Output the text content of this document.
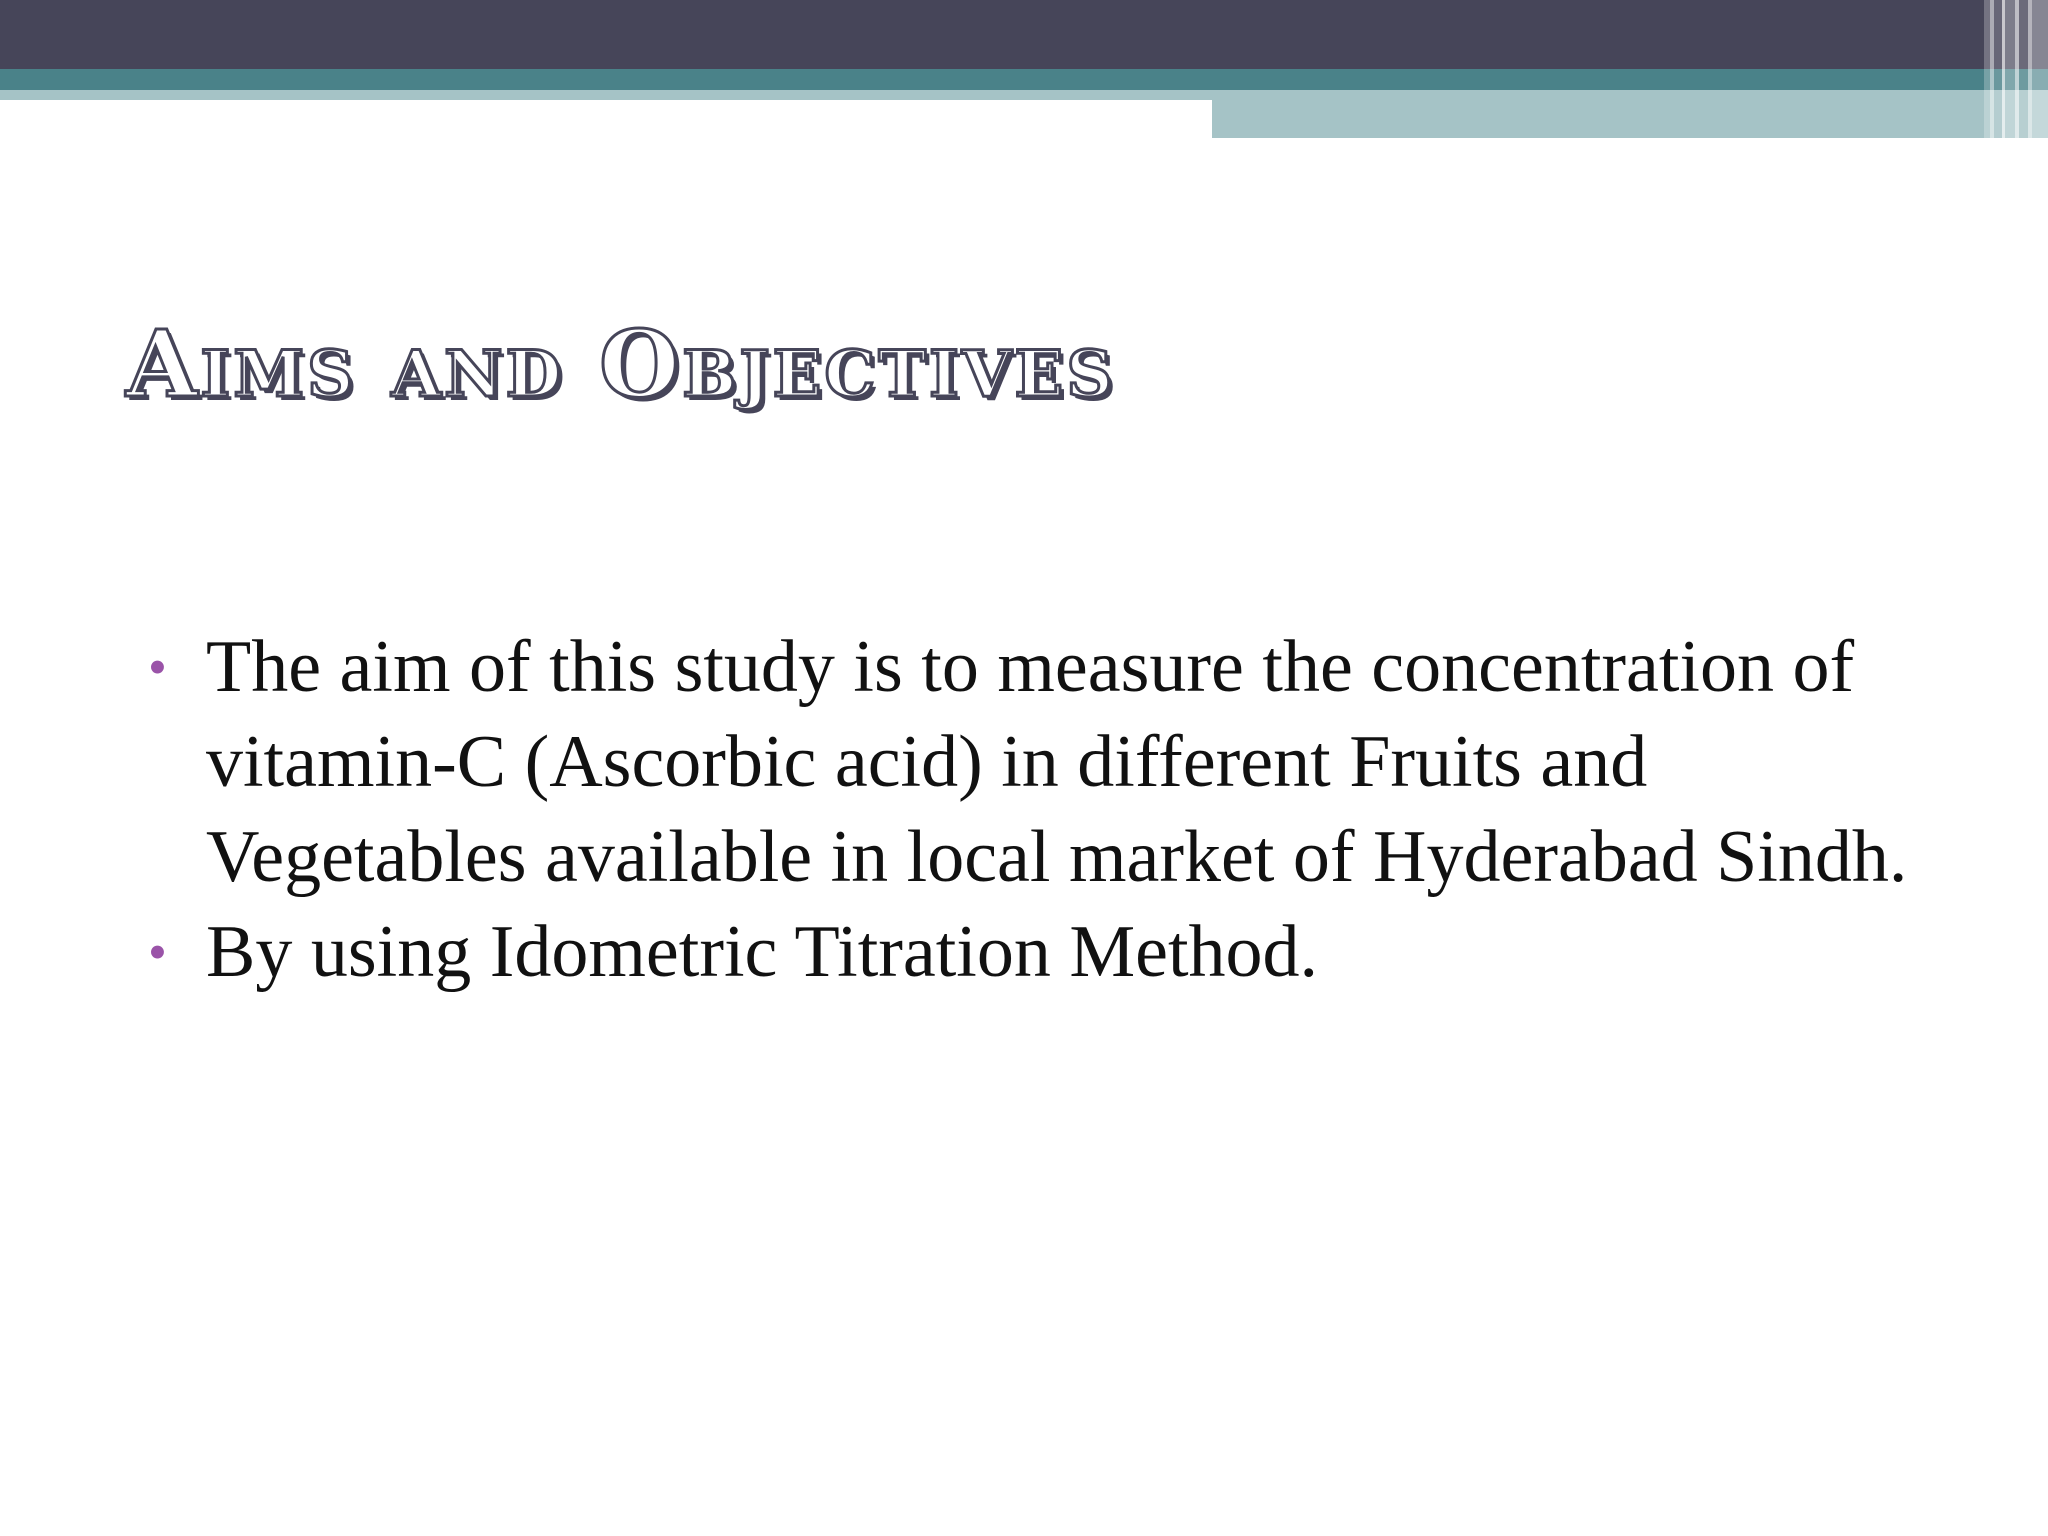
Aims and Objectives
• The aim of this study is to measure the concentration of vitamin-C (Ascorbic acid) in different Fruits and Vegetables available in local market of Hyderabad Sindh.
• By using Idometric Titration Method.
